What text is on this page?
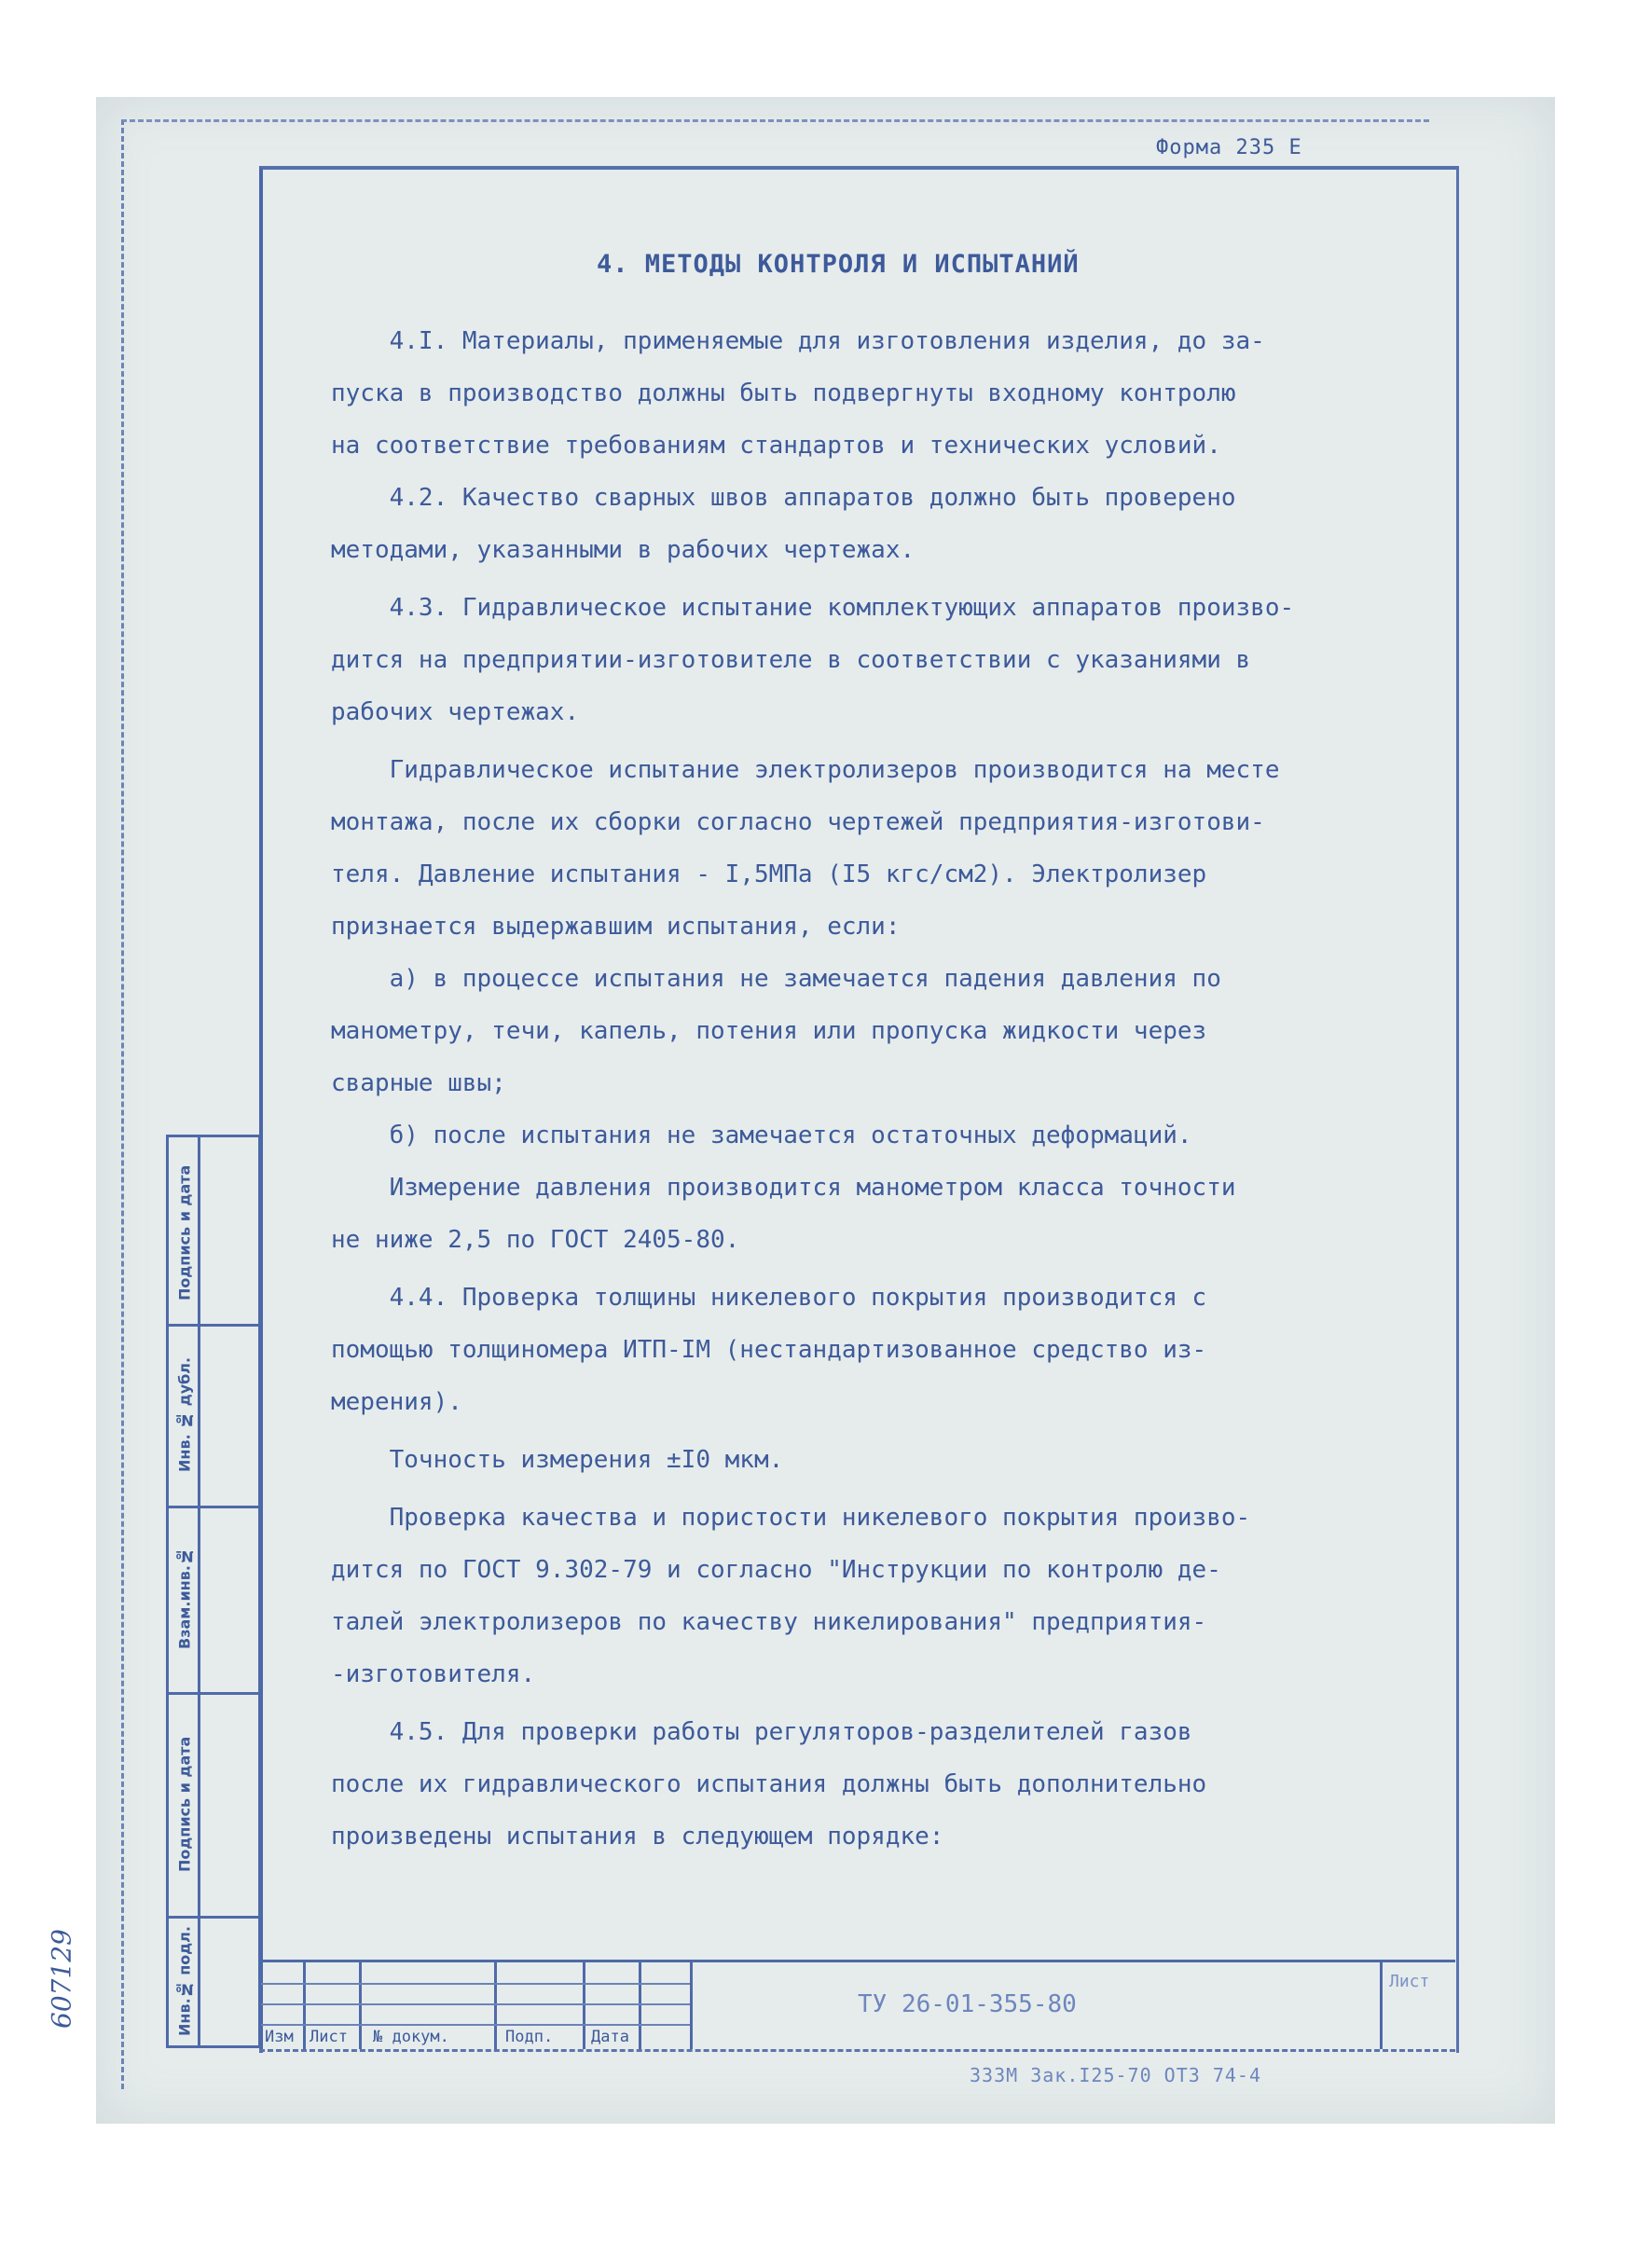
Форма 235 Е
4. МЕТОДЫ КОНТРОЛЯ И ИСПЫТАНИЙ

4.I. Материалы, применяемые для изготовления изделия, до за-

пуска в производство должны быть подвергнуты входному контролю

на соответствие требованиям стандартов и технических условий.

4.2. Качество сварных швов аппаратов должно быть проверено

методами, указанными в рабочих чертежах.

4.3. Гидравлическое испытание комплектующих аппаратов произво-

дится на предприятии-изготовителе в соответствии с указаниями в

рабочих чертежах.

Гидравлическое испытание электролизеров производится на месте

монтажа, после их сборки согласно чертежей предприятия-изготови-

теля. Давление испытания - I,5МПа (I5 кгс/см2). Электролизер

признается выдержавшим испытания, если:

а) в процессе испытания не замечается падения давления по

манометру, течи, капель, потения или пропуска жидкости через

сварные швы;

б) после испытания не замечается остаточных деформаций.

Измерение давления производится манометром класса точности

не ниже 2,5 по ГОСТ 2405-80.

4.4. Проверка толщины никелевого покрытия производится с

помощью толщиномера ИТП-IМ (нестандартизованное средство из-

мерения).

Точность измерения ±I0 мкм.

Проверка качества и пористости никелевого покрытия произво-

дится по ГОСТ 9.302-79 и согласно "Инструкции по контролю де-

талей электролизеров по качеству никелирования" предприятия-

-изготовителя.

4.5. Для проверки работы регуляторов-разделителей газов

после их гидравлического испытания должны быть дополнительно

произведены испытания в следующем порядке:

Подпись и дата
Инв. № дубл.
Взам.инв.№
Подпись и дата
Инв.№ подл.
607129
Изм Лист № докум.	Подп. Дата
ТУ 26-01-355-80
Лист
ЗЗЗМ Зак.I25-70 ОТЗ 74-4
